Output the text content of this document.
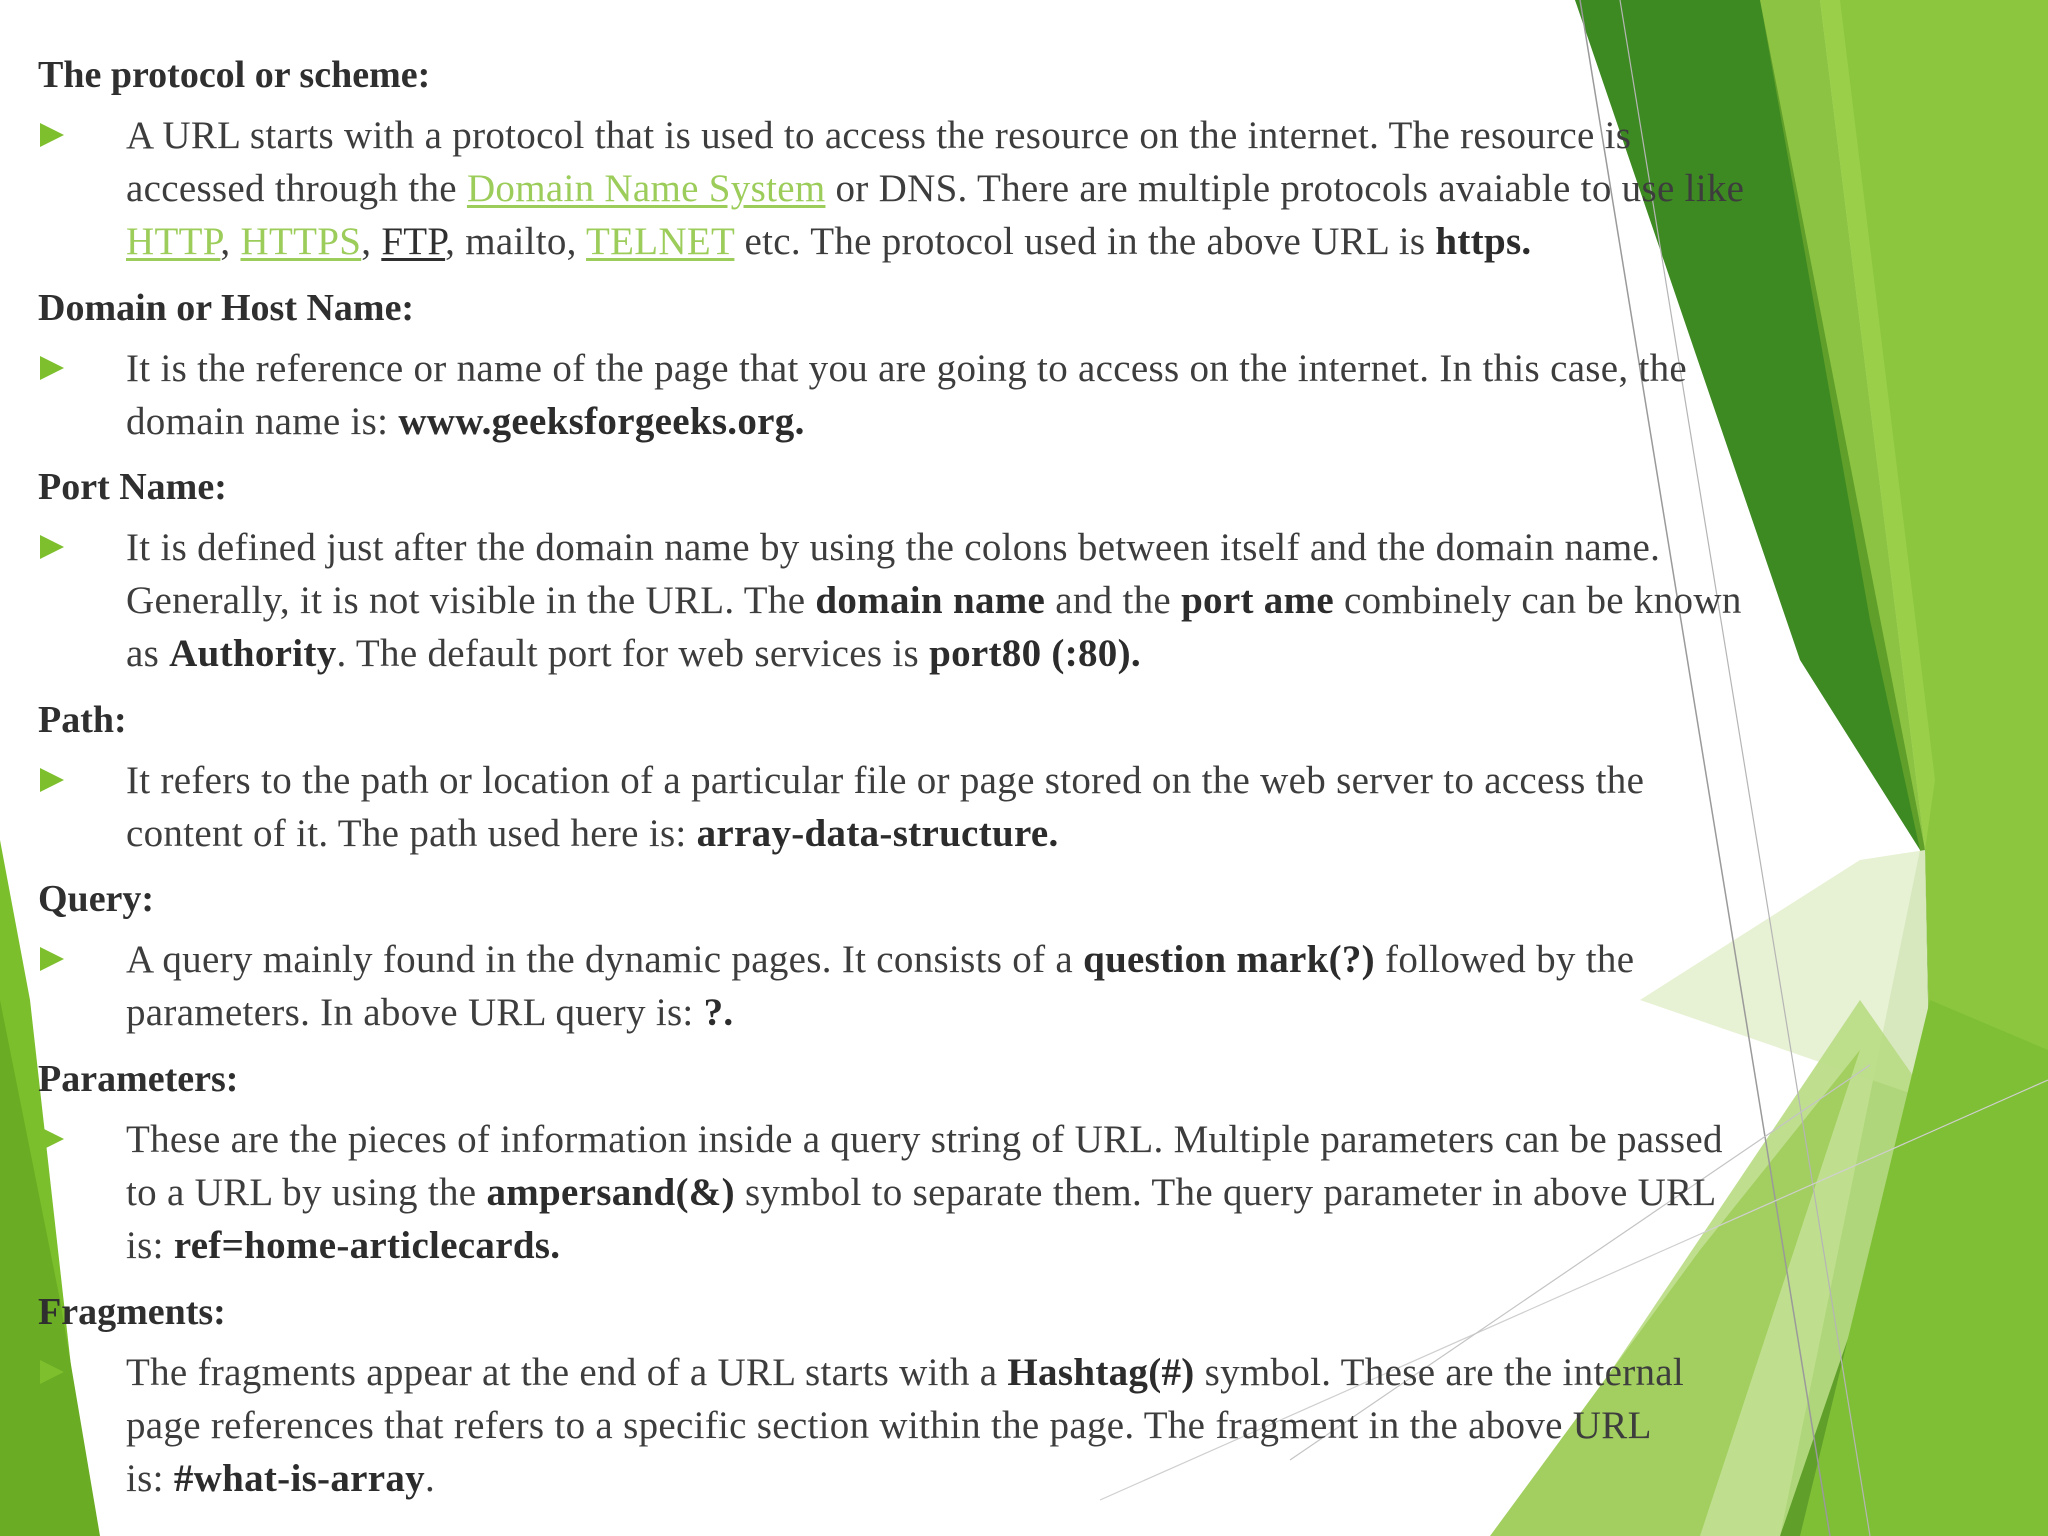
The protocol or scheme:
A URL starts with a protocol that is used to access the resource on the internet. The resource is
accessed through the Domain Name System or DNS. There are multiple protocols avaiable to use like
HTTP, HTTPS, FTP, mailto, TELNET etc. The protocol used in the above URL is https.
Domain or Host Name:
It is the reference or name of the page that you are going to access on the internet. In this case, the
domain name is: www.geeksforgeeks.org.
Port Name:
It is defined just after the domain name by using the colons between itself and the domain name.
Generally, it is not visible in the URL. The domain name and the port ame combinely can be known
as Authority. The default port for web services is port80 (:80).
Path:
It refers to the path or location of a particular file or page stored on the web server to access the
content of it. The path used here is: array-data-structure.
Query:
A query mainly found in the dynamic pages. It consists of a question mark(?) followed by the
parameters. In above URL query is: ?.
Parameters:
These are the pieces of information inside a query string of URL. Multiple parameters can be passed
to a URL by using the ampersand(&) symbol to separate them. The query parameter in above URL
is: ref=home-articlecards.
Fragments:
The fragments appear at the end of a URL starts with a Hashtag(#) symbol. These are the internal
page references that refers to a specific section within the page. The fragment in the above URL
is: #what-is-array.
